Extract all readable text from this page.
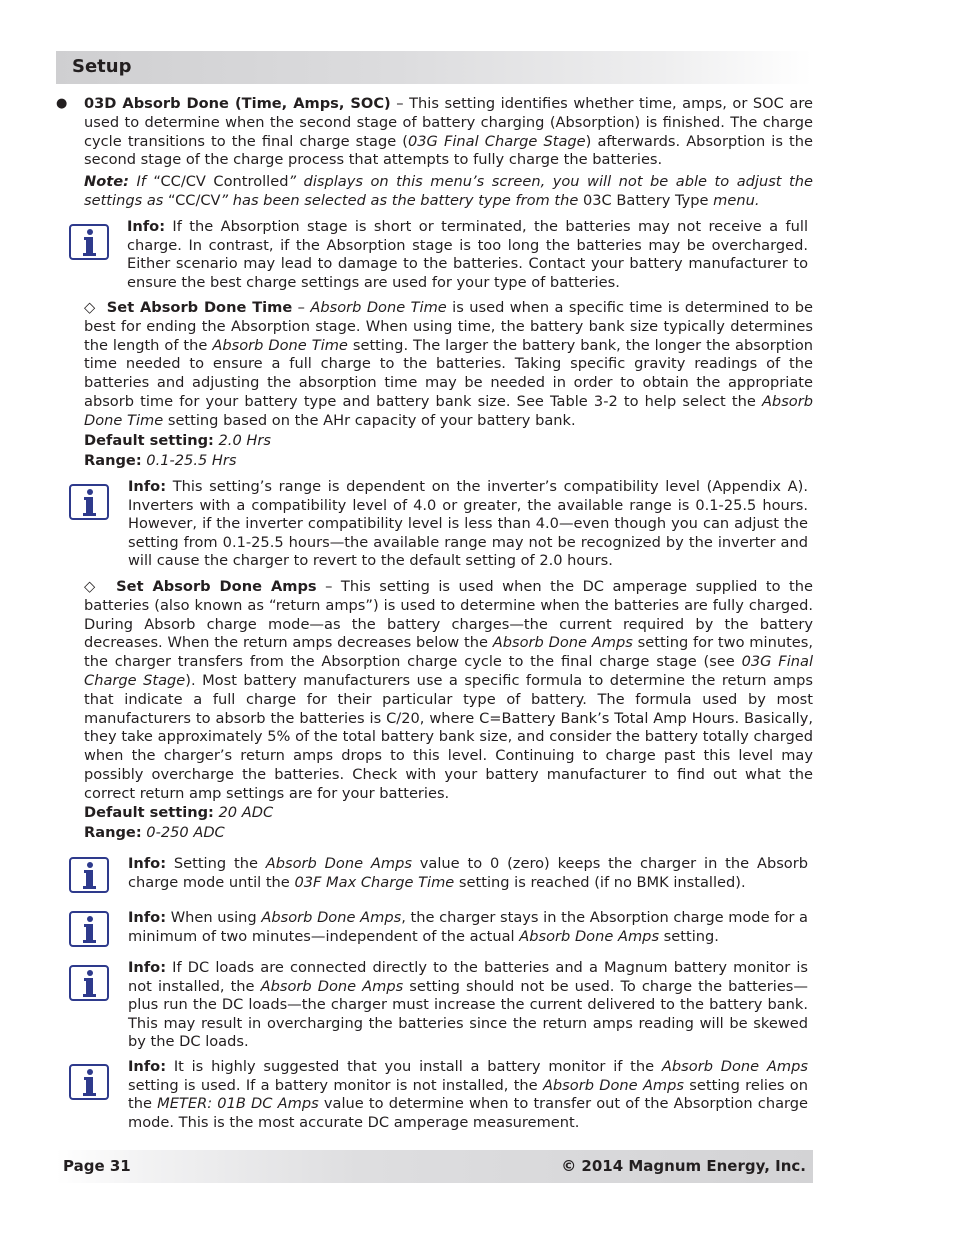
Setup
● 03D Absorb Done (Time, Amps, SOC) – This setting identifies whether time, amps, or SOC are used to determine when the second stage of battery charging (Absorption) is finished. The charge cycle transitions to the final charge stage (03G Final Charge Stage) afterwards. Absorption is the second stage of the charge process that attempts to fully charge the batteries.

Note: If “CC/CV Controlled” displays on this menu’s screen, you will not be able to adjust the settings as “CC/CV” has been selected as the battery type from the 03C Battery Type menu.

Info: If the Absorption stage is short or terminated, the batteries may not receive a full charge. In contrast, if the Absorption stage is too long the batteries may be overcharged. Either scenario may lead to damage to the batteries. Contact your battery manufacturer to ensure the best charge settings are used for your type of batteries.

◇ Set Absorb Done Time – Absorb Done Time is used when a specific time is determined to be best for ending the Absorption stage. When using time, the battery bank size typically determines the length of the Absorb Done Time setting. The larger the battery bank, the longer the absorption time needed to ensure a full charge to the batteries. Taking specific gravity readings of the batteries and adjusting the absorption time may be needed in order to obtain the appropriate absorb time for your battery type and battery bank size. See Table 3-2 to help select the Absorb Done Time setting based on the AHr capacity of your battery bank.

Default setting: 2.0 Hrs

Range: 0.1-25.5 Hrs

Info: This setting’s range is dependent on the inverter’s compatibility level (Appendix A). Inverters with a compatibility level of 4.0 or greater, the available range is 0.1-25.5 hours. However, if the inverter compatibility level is less than 4.0—even though you can adjust the setting from 0.1-25.5 hours—the available range may not be recognized by the inverter and will cause the charger to revert to the default setting of 2.0 hours.

◇ Set Absorb Done Amps – This setting is used when the DC amperage supplied to the batteries (also known as “return amps”) is used to determine when the batteries are fully charged. During Absorb charge mode—as the battery charges—the current required by the battery decreases. When the return amps decreases below the Absorb Done Amps setting for two minutes, the charger transfers from the Absorption charge cycle to the final charge stage (see 03G Final Charge Stage). Most battery manufacturers use a specific formula to determine the return amps that indicate a full charge for their particular type of battery. The formula used by most manufacturers to absorb the batteries is C/20, where C=Battery Bank’s Total Amp Hours. Basically, they take approximately 5% of the total battery bank size, and consider the battery totally charged when the charger’s return amps drops to this level. Continuing to charge past this level may possibly overcharge the batteries. Check with your battery manufacturer to find out what the correct return amp settings are for your batteries.

Default setting: 20 ADC

Range: 0-250 ADC

Info: Setting the Absorb Done Amps value to 0 (zero) keeps the charger in the Absorb charge mode until the 03F Max Charge Time setting is reached (if no BMK installed).

Info: When using Absorb Done Amps, the charger stays in the Absorption charge mode for a minimum of two minutes—independent of the actual Absorb Done Amps setting.

Info: If DC loads are connected directly to the batteries and a Magnum battery monitor is not installed, the Absorb Done Amps setting should not be used. To charge the batteries—plus run the DC loads—the charger must increase the current delivered to the battery bank. This may result in overcharging the batteries since the return amps reading will be skewed by the DC loads.

Info: It is highly suggested that you install a battery monitor if the Absorb Done Amps setting is used. If a battery monitor is not installed, the Absorb Done Amps setting relies on the METER: 01B DC Amps value to determine when to transfer out of the Absorption charge mode. This is the most accurate DC amperage measurement.

Page 31	© 2014 Magnum Energy, Inc.
